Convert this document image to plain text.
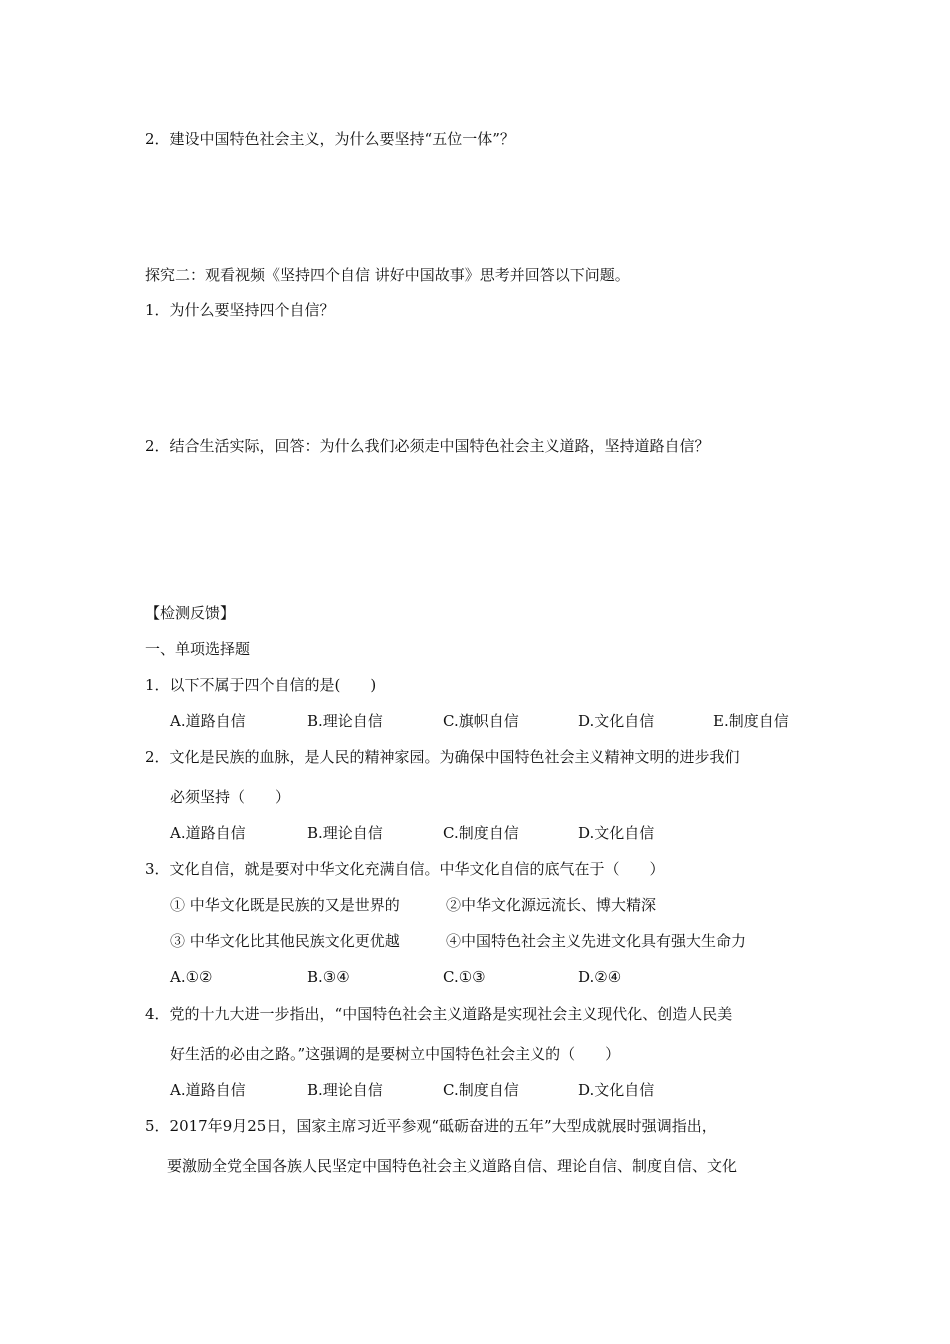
2．建设中国特色社会主义，为什么要坚持“五位一体”？
探究二：观看视频《坚持四个自信 讲好中国故事》思考并回答以下问题。
1．为什么要坚持四个自信？
2．结合生活实际，回答：为什么我们必须走中国特色社会主义道路，坚持道路自信？
【检测反馈】
一、单项选择题
1．以下不属于四个自信的是(　　)
A.道路自信	B.理论自信	C.旗帜自信	D.文化自信	E.制度自信
2．文化是民族的血脉，是人民的精神家园。为确保中国特色社会主义精神文明的进步我们
必须坚持（　　）
A.道路自信	B.理论自信	C.制度自信	D.文化自信
3．文化自信，就是要对中华文化充满自信。中华文化自信的底气在于（　　）
① 中华文化既是民族的又是世界的	②中华文化源远流长、博大精深
③ 中华文化比其他民族文化更优越	④中国特色社会主义先进文化具有强大生命力
A.①②	B.③④	C.①③	D.②④
4．党的十九大进一步指出，“中国特色社会主义道路是实现社会主义现代化、创造人民美
好生活的必由之路。”这强调的是要树立中国特色社会主义的（　　）
A.道路自信	B.理论自信	C.制度自信	D.文化自信
5．2017年9月25日，国家主席习近平参观“砥砺奋进的五年”大型成就展时强调指出，
要激励全党全国各族人民坚定中国特色社会主义道路自信、理论自信、制度自信、文化
